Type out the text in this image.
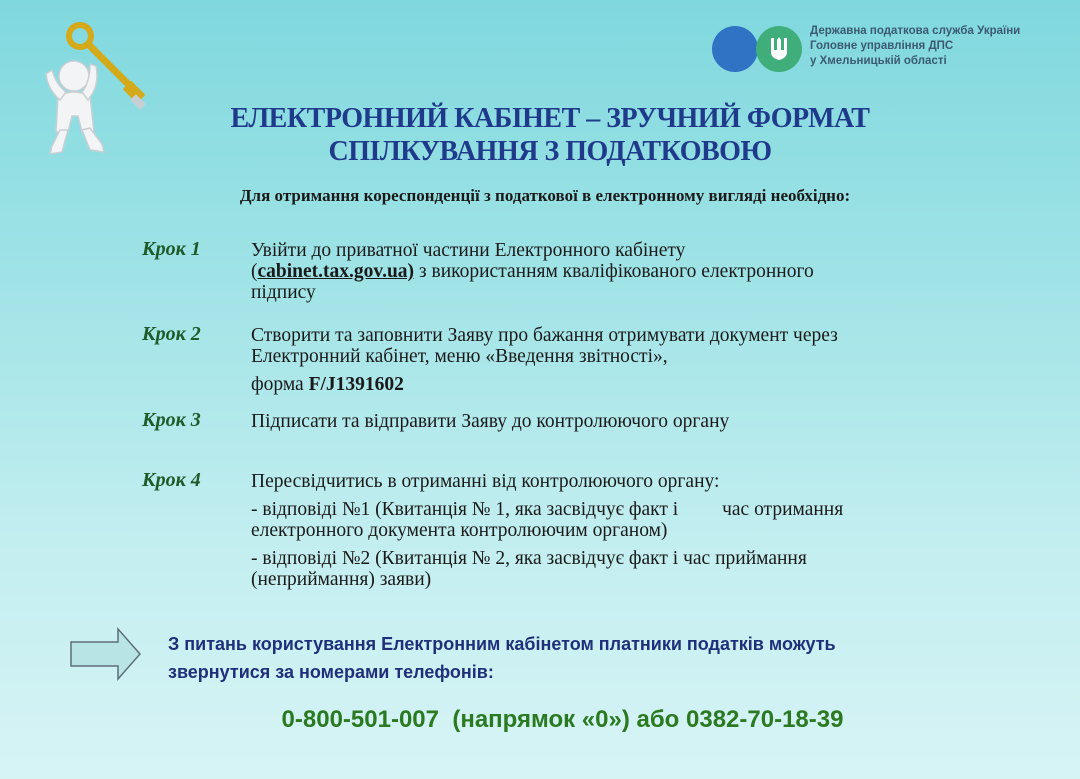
Державна податкова служба України
Головне управління ДПС
у Хмельницькій області
ЕЛЕКТРОННИЙ КАБІНЕТ – ЗРУЧНИЙ ФОРМАТ
СПІЛКУВАННЯ З ПОДАТКОВОЮ
Для отримання кореспонденції з податкової в електронному вигляді необхідно:
Крок 1	Увійти до приватної частини Електронного кабінету
(cabinet.tax.gov.ua) з використанням кваліфікованого електронного
підпису
Крок 2	Створити та заповнити Заяву про бажання отримувати документ через
Електронний кабінет, меню «Введення звітності»,
форма F/J1391602
Крок 3	Підписати та відправити Заяву до контролюючого органу
Крок 4	Пересвідчитись в отриманні від контролюючого органу:
- відповіді №1 (Квитанція № 1, яка засвідчує факт і         час отримання
електронного документа контролюючим органом)
- відповіді №2 (Квитанція № 2, яка засвідчує факт і час приймання
(неприймання) заяви)
З питань користування Електронним кабінетом платники податків можуть
звернутися за номерами телефонів:
0-800-501-007  (напрямок «0») або 0382-70-18-39
